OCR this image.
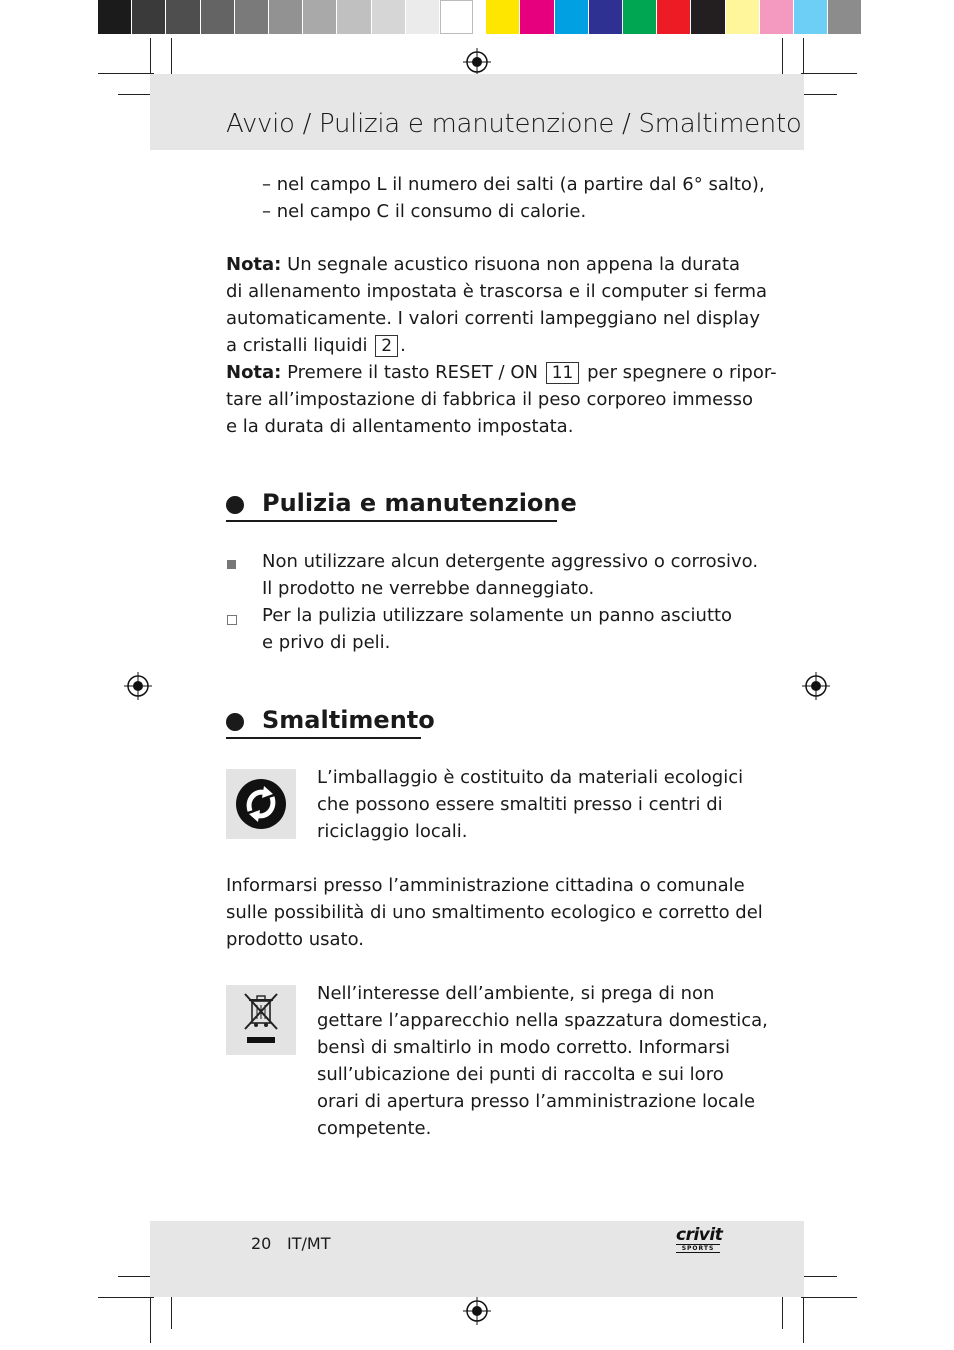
Avvio / Pulizia e manutenzione / Smaltimento
– nel campo L il numero dei salti (a partire dal 6° salto),
– nel campo C il consumo di calorie.
Nota: Un segnale acustico risuona non appena la durata
di allenamento impostata è trascorsa e il computer si ferma
automaticamente. I valori correnti lampeggiano nel display
a cristalli liquidi 2 .
Nota: Premere il tasto RESET / ON 11 per spegnere o ripor-
tare all’impostazione di fabbrica il peso corporeo immesso
e la durata di allentamento impostata.
Pulizia e manutenzione
Non utilizzare alcun detergente aggressivo o corrosivo.
Il prodotto ne verrebbe danneggiato.
Per la pulizia utilizzare solamente un panno asciutto
e privo di peli.
Smaltimento
L’imballaggio è costituito da materiali ecologici
che possono essere smaltiti presso i centri di
riciclaggio locali.
Informarsi presso l’amministrazione cittadina o comunale
sulle possibilità di uno smaltimento ecologico e corretto del
prodotto usato.
Nell’interesse dell’ambiente, si prega di non
gettare l’apparecchio nella spazzatura domestica,
bensì di smaltirlo in modo corretto. Informarsi
sull’ubicazione dei punti di raccolta e sui loro
orari di apertura presso l’amministrazione locale
competente.
20 IT/MT	crivit
SPORTS
